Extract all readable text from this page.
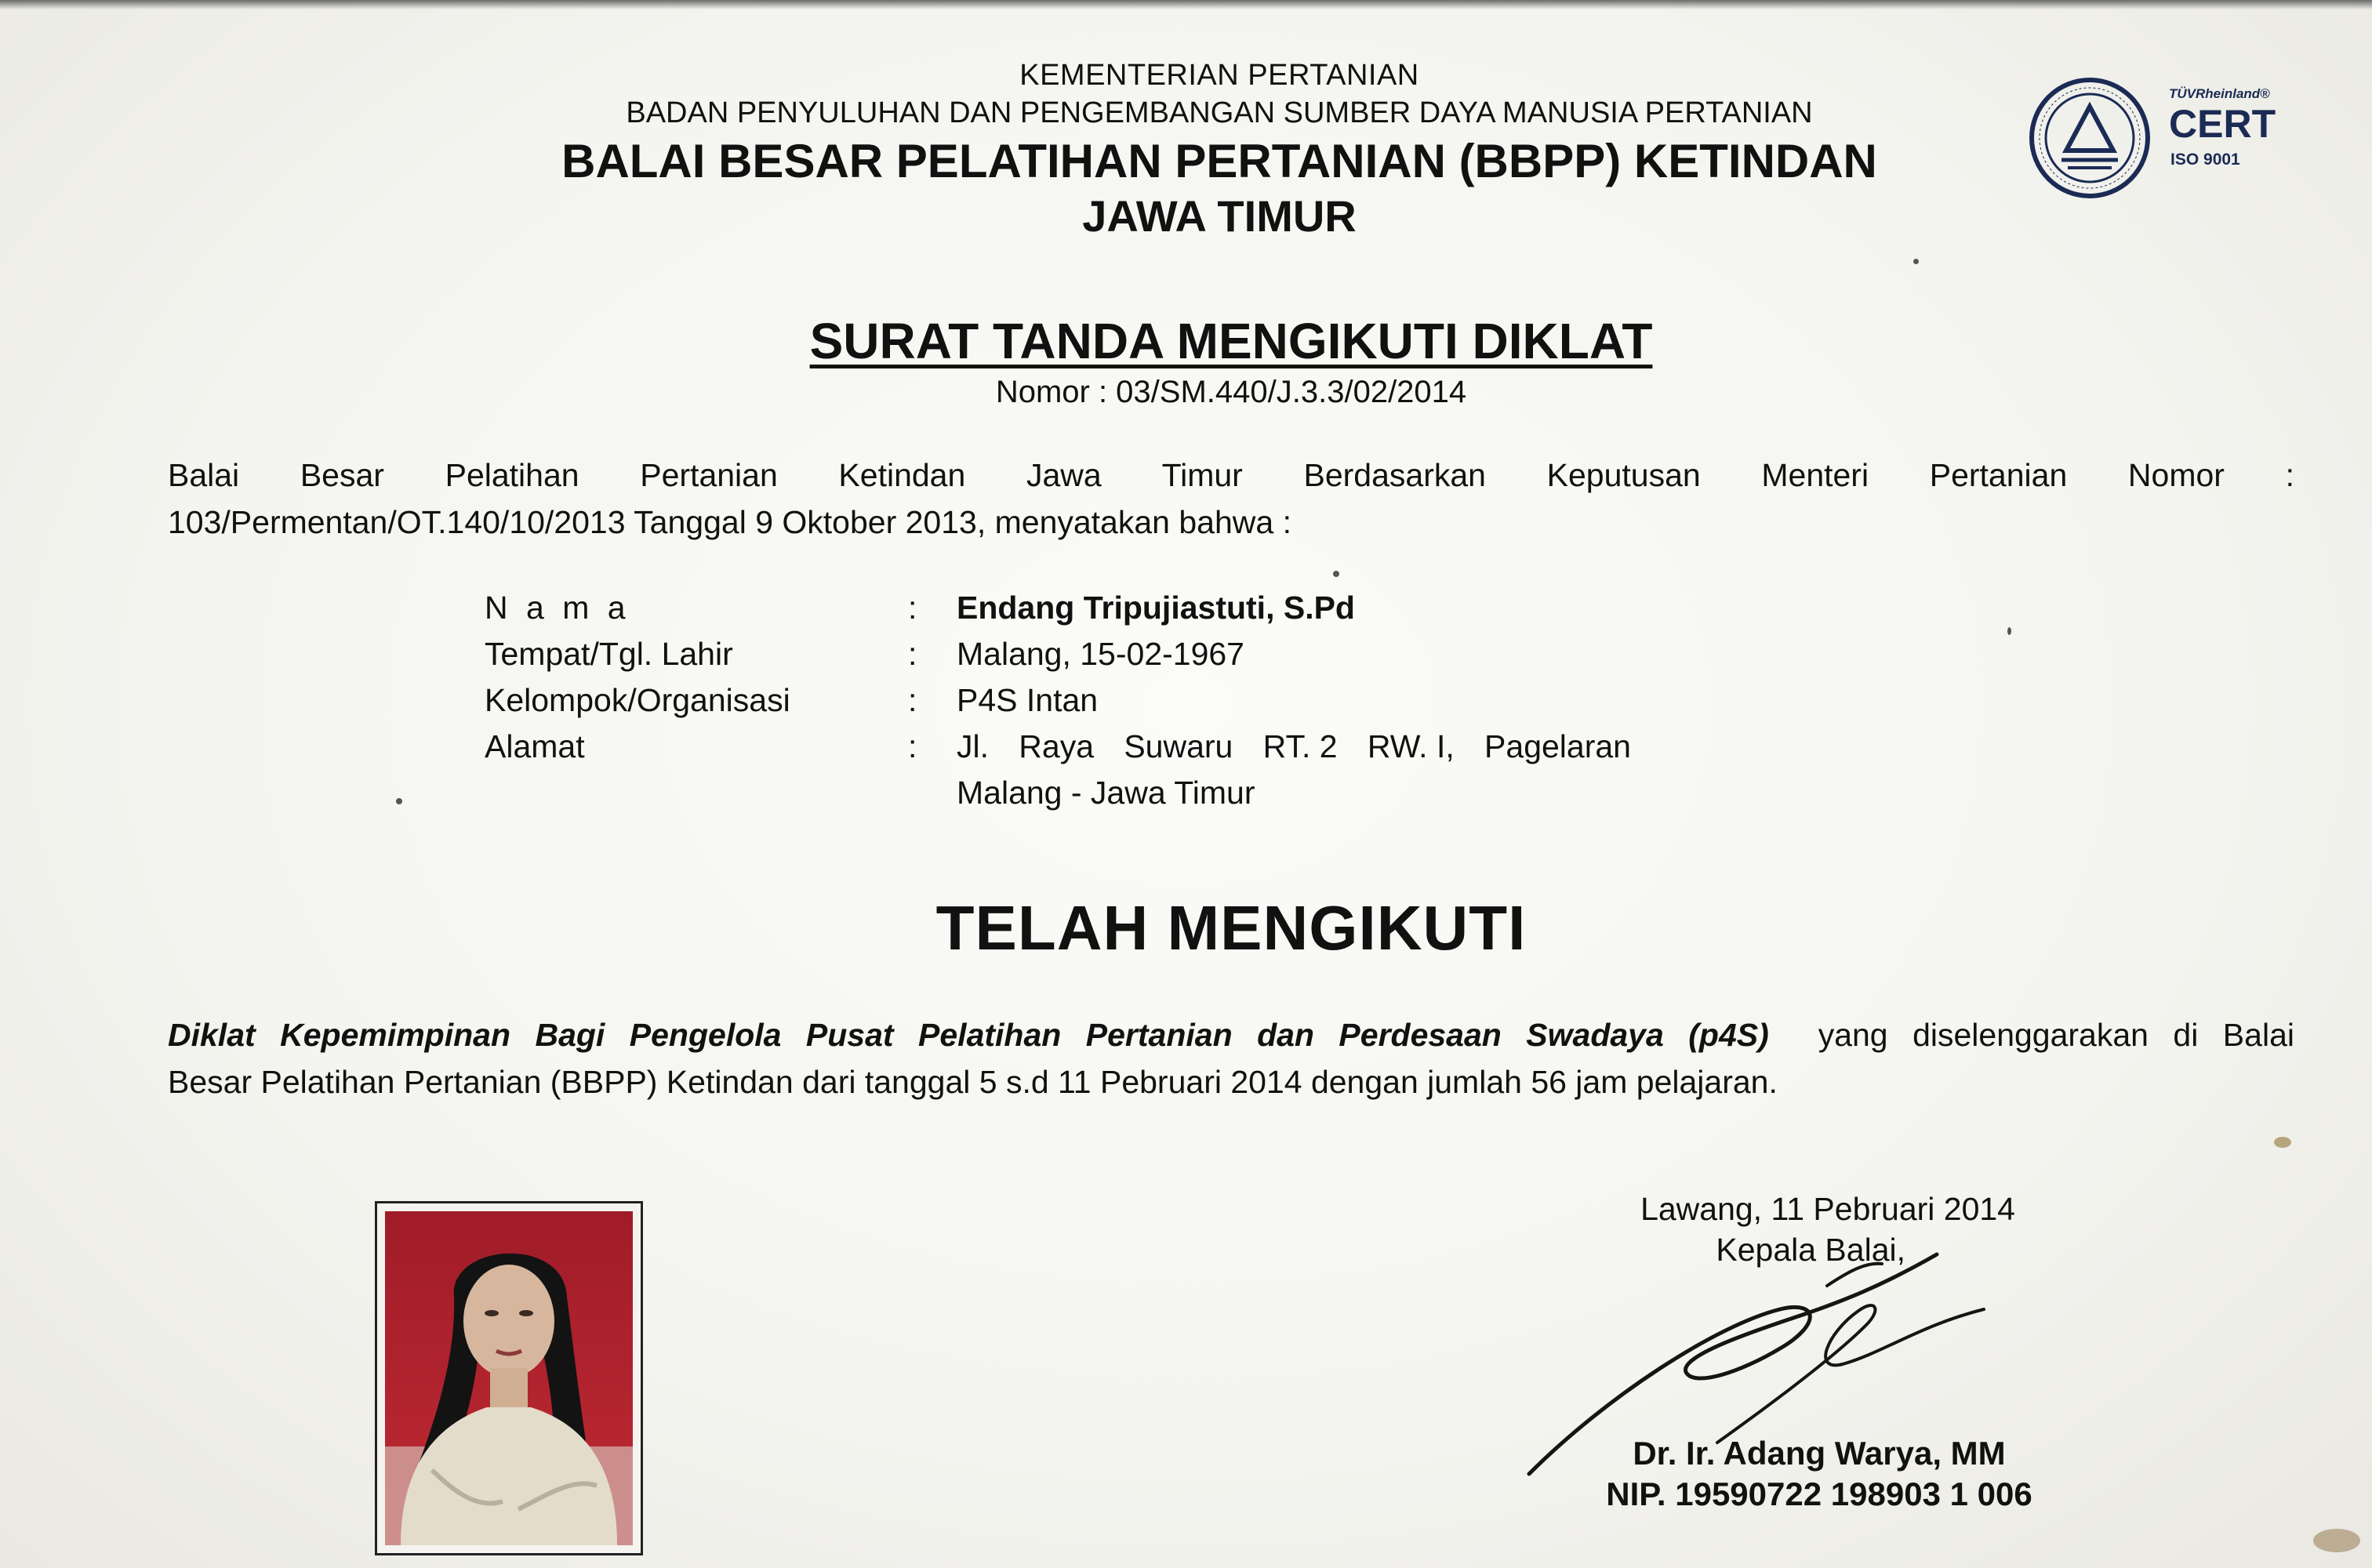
KEMENTERIAN PERTANIAN
BADAN PENYULUHAN DAN PENGEMBANGAN SUMBER DAYA MANUSIA PERTANIAN
BALAI BESAR PELATIHAN PERTANIAN (BBPP) KETINDAN
JAWA TIMUR
TÜVRheinland®
CERT
ISO 9001
SURAT TANDA MENGIKUTI DIKLAT
Nomor : 03/SM.440/J.3.3/02/2014
Balai Besar Pelatihan Pertanian Ketindan Jawa Timur Berdasarkan Keputusan Menteri Pertanian Nomor :
103/Permentan/OT.140/10/2013 Tanggal 9 Oktober 2013, menyatakan bahwa :
N a m a	:	Endang Tripujiastuti, S.Pd
Tempat/Tgl. Lahir	:	Malang, 15-02-1967
Kelompok/Organisasi	:	P4S Intan
Alamat	:	Jl. Raya Suwaru RT. 2 RW. I, Pagelaran
Malang - Jawa Timur
TELAH MENGIKUTI
Diklat Kepemimpinan Bagi Pengelola Pusat Pelatihan Pertanian dan Perdesaan Swadaya (p4S) yang diselenggarakan di Balai
Besar Pelatihan Pertanian (BBPP) Ketindan dari tanggal 5 s.d 11 Pebruari 2014 dengan jumlah 56 jam pelajaran.
Lawang, 11 Pebruari 2014
Kepala Balai,
Dr. Ir. Adang Warya, MM
NIP. 19590722 198903 1 006
